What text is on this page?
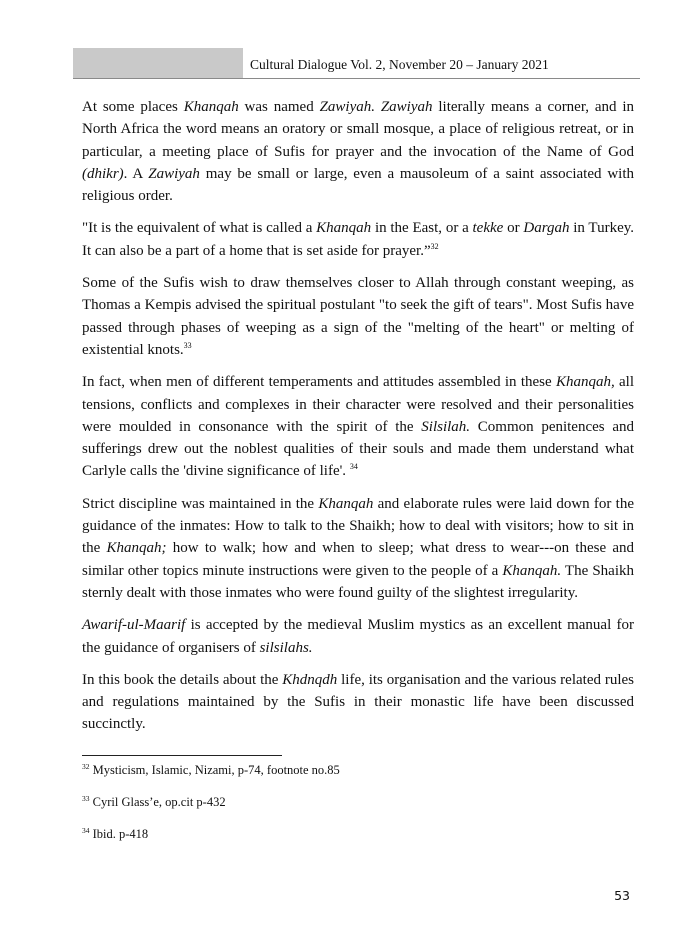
Cultural Dialogue Vol. 2, November 20 – January 2021

At some places Khanqah was named Zawiyah. Zawiyah literally means a corner, and in North Africa the word means an oratory or small mosque, a place of religious retreat, or in particular, a meeting place of Sufis for prayer and the invocation of the Name of God (dhikr). A Zawiyah may be small or large, even a mausoleum of a saint associated with religious order.

"It is the equivalent of what is called a Khanqah in the East, or a tekke or Dargah in Turkey. It can also be a part of a home that is set aside for prayer.”$^{32}$

Some of the Sufis wish to draw themselves closer to Allah through constant weeping, as Thomas a Kempis advised the spiritual postulant "to seek the gift of tears". Most Sufis have passed through phases of weeping as a sign of the "melting of the heart" or melting of existential knots.$^{33}$

In fact, when men of different temperaments and attitudes assembled in these Khanqah, all tensions, conflicts and complexes in their character were resolved and their personalities were moulded in consonance with the spirit of the Silsilah. Common penitences and sufferings drew out the noblest qualities of their souls and made them understand what Carlyle calls the 'divine significance of life'. $^{34}$

Strict discipline was maintained in the Khanqah and elaborate rules were laid down for the guidance of the inmates: How to talk to the Shaikh; how to deal with visitors; how to sit in the Khanqah; how to walk; how and when to sleep; what dress to wear---on these and similar other topics minute instructions were given to the people of a Khanqah. The Shaikh sternly dealt with those inmates who were found guilty of the slightest irregularity.

Awarif-ul-Maarif is accepted by the medieval Muslim mystics as an excellent manual for the guidance of organisers of silsilahs.

In this book the details about the Khdnqdh life, its organisation and the various related rules and regulations maintained by the Sufis in their monastic life have been discussed succinctly.

$^{32}$ Mysticism, Islamic, Nizami, p-74, footnote no.85

$^{33}$ Cyril Glass’e, op.cit p-432

$^{34}$ Ibid. p-418

53
